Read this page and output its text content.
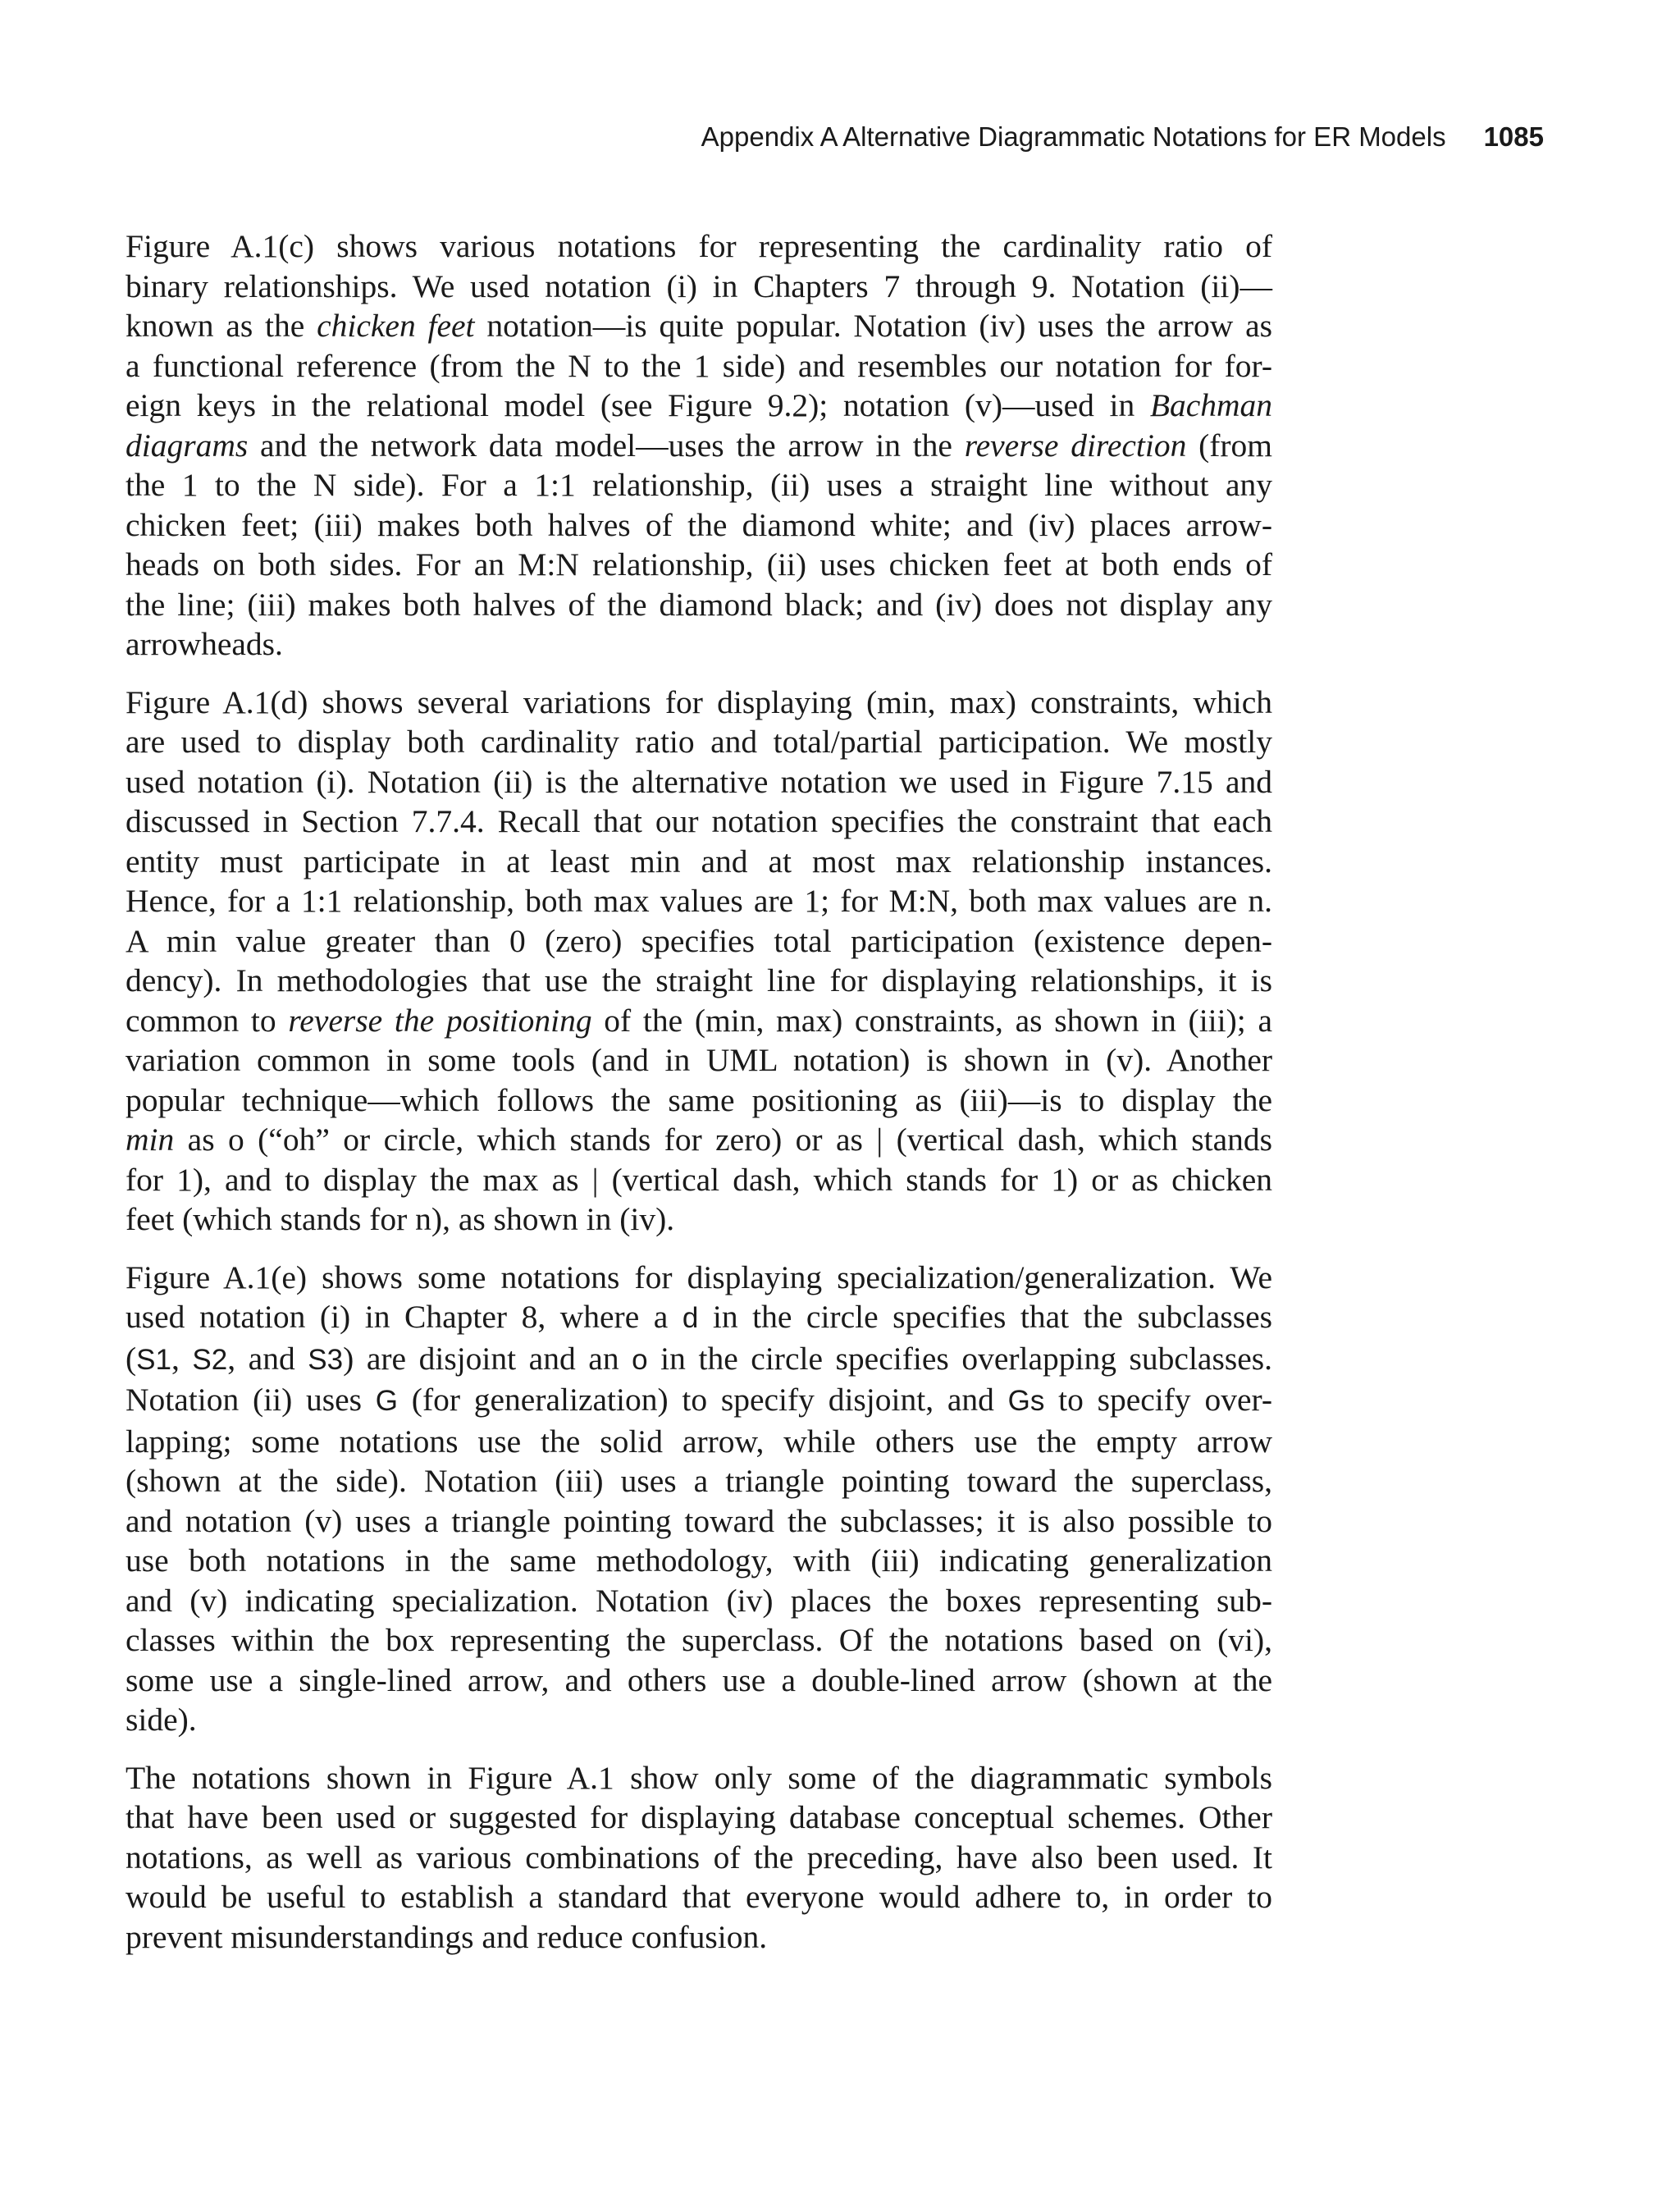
Appendix A Alternative Diagrammatic Notations for ER Models 1085

Figure A.1(c) shows various notations for representing the cardinality ratio of
binary relationships. We used notation (i) in Chapters 7 through 9. Notation (ii)—
known as the chicken feet notation—is quite popular. Notation (iv) uses the arrow as
a functional reference (from the N to the 1 side) and resembles our notation for for-
eign keys in the relational model (see Figure 9.2); notation (v)—used in Bachman
diagrams and the network data model—uses the arrow in the reverse direction (from
the 1 to the N side). For a 1:1 relationship, (ii) uses a straight line without any
chicken feet; (iii) makes both halves of the diamond white; and (iv) places arrow-
heads on both sides. For an M:N relationship, (ii) uses chicken feet at both ends of
the line; (iii) makes both halves of the diamond black; and (iv) does not display any
arrowheads.

Figure A.1(d) shows several variations for displaying (min, max) constraints, which
are used to display both cardinality ratio and total/partial participation. We mostly
used notation (i). Notation (ii) is the alternative notation we used in Figure 7.15 and
discussed in Section 7.7.4. Recall that our notation specifies the constraint that each
entity must participate in at least min and at most max relationship instances.
Hence, for a 1:1 relationship, both max values are 1; for M:N, both max values are n.
A min value greater than 0 (zero) specifies total participation (existence depen-
dency). In methodologies that use the straight line for displaying relationships, it is
common to reverse the positioning of the (min, max) constraints, as shown in (iii); a
variation common in some tools (and in UML notation) is shown in (v). Another
popular technique—which follows the same positioning as (iii)—is to display the
min as o (“oh” or circle, which stands for zero) or as | (vertical dash, which stands
for 1), and to display the max as | (vertical dash, which stands for 1) or as chicken
feet (which stands for n), as shown in (iv).

Figure A.1(e) shows some notations for displaying specialization/generalization. We
used notation (i) in Chapter 8, where a d in the circle specifies that the subclasses
(S1, S2, and S3) are disjoint and an o in the circle specifies overlapping subclasses.
Notation (ii) uses G (for generalization) to specify disjoint, and Gs to specify over-
lapping; some notations use the solid arrow, while others use the empty arrow
(shown at the side). Notation (iii) uses a triangle pointing toward the superclass,
and notation (v) uses a triangle pointing toward the subclasses; it is also possible to
use both notations in the same methodology, with (iii) indicating generalization
and (v) indicating specialization. Notation (iv) places the boxes representing sub-
classes within the box representing the superclass. Of the notations based on (vi),
some use a single-lined arrow, and others use a double-lined arrow (shown at the
side).

The notations shown in Figure A.1 show only some of the diagrammatic symbols
that have been used or suggested for displaying database conceptual schemes. Other
notations, as well as various combinations of the preceding, have also been used. It
would be useful to establish a standard that everyone would adhere to, in order to
prevent misunderstandings and reduce confusion.
